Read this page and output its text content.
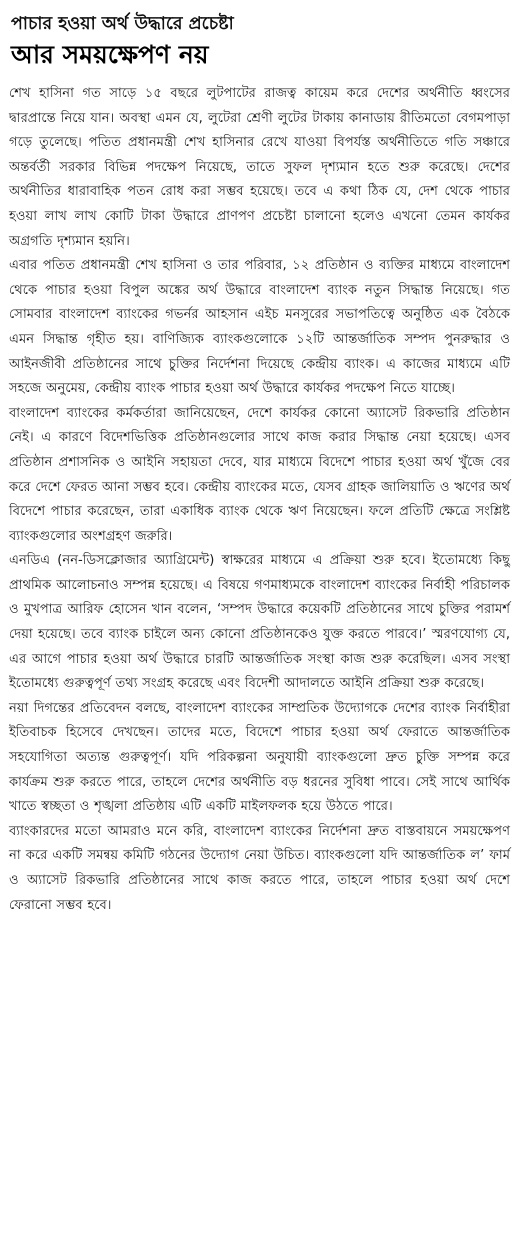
পাচার হওয়া অর্থ উদ্ধারে প্রচেষ্টা
আর সময়ক্ষেপণ নয়

শেখ হাসিনা গত সাড়ে ১৫ বছরে লুটপাটের রাজত্ব কায়েম করে দেশের অর্থনীতি ধ্বংসের দ্বারপ্রান্তে নিয়ে যান। অবস্থা এমন যে, লুটেরা শ্রেণী লুটের টাকায় কানাডায় রীতিমতো বেগমপাড়া গড়ে তুলেছে। পতিত প্রধানমন্ত্রী শেখ হাসিনার রেখে যাওয়া বিপর্যস্ত অর্থনীতিতে গতি সঞ্চারে অন্তর্বর্তী সরকার বিভিন্ন পদক্ষেপ নিয়েছে, তাতে সুফল দৃশ্যমান হতে শুরু করেছে। দেশের অর্থনীতির ধারাবাহিক পতন রোধ করা সম্ভব হয়েছে। তবে এ কথা ঠিক যে, দেশ থেকে পাচার হওয়া লাখ লাখ কোটি টাকা উদ্ধারে প্রাণপণ প্রচেষ্টা চালানো হলেও এখনো তেমন কার্যকর অগ্রগতি দৃশ্যমান হয়নি।

এবার পতিত প্রধানমন্ত্রী শেখ হাসিনা ও তার পরিবার, ১২ প্রতিষ্ঠান ও ব্যক্তির মাধ্যমে বাংলাদেশ থেকে পাচার হওয়া বিপুল অঙ্কের অর্থ উদ্ধারে বাংলাদেশ ব্যাংক নতুন সিদ্ধান্ত নিয়েছে। গত সোমবার বাংলাদেশ ব্যাংকের গভর্নর আহসান এইচ মনসুরের সভাপতিত্বে অনুষ্ঠিত এক বৈঠকে এমন সিদ্ধান্ত গৃহীত হয়। বাণিজ্যিক ব্যাংকগুলোকে ১২টি আন্তর্জাতিক সম্পদ পুনরুদ্ধার ও আইনজীবী প্রতিষ্ঠানের সাথে চুক্তির নির্দেশনা দিয়েছে কেন্দ্রীয় ব্যাংক। এ কাজের মাধ্যমে এটি সহজে অনুমেয়, কেন্দ্রীয় ব্যাংক পাচার হওয়া অর্থ উদ্ধারে কার্যকর পদক্ষেপ নিতে যাচ্ছে।

বাংলাদেশ ব্যাংকের কর্মকর্তারা জানিয়েছেন, দেশে কার্যকর কোনো অ্যাসেট রিকভারি প্রতিষ্ঠান নেই। এ কারণে বিদেশভিত্তিক প্রতিষ্ঠানগুলোর সাথে কাজ করার সিদ্ধান্ত নেয়া হয়েছে। এসব প্রতিষ্ঠান প্রশাসনিক ও আইনি সহায়তা দেবে, যার মাধ্যমে বিদেশে পাচার হওয়া অর্থ খুঁজে বের করে দেশে ফেরত আনা সম্ভব হবে। কেন্দ্রীয় ব্যাংকের মতে, যেসব গ্রাহক জালিয়াতি ও ঋণের অর্থ বিদেশে পাচার করেছেন, তারা একাধিক ব্যাংক থেকে ঋণ নিয়েছেন। ফলে প্রতিটি ক্ষেত্রে সংশ্লিষ্ট ব্যাংকগুলোর অংশগ্রহণ জরুরি।

এনডিএ (নন-ডিসক্লোজার অ্যাগ্রিমেন্ট) স্বাক্ষরের মাধ্যমে এ প্রক্রিয়া শুরু হবে। ইতোমধ্যে কিছু প্রাথমিক আলোচনাও সম্পন্ন হয়েছে। এ বিষয়ে গণমাধ্যমকে বাংলাদেশ ব্যাংকের নির্বাহী পরিচালক ও মুখপাত্র আরিফ হোসেন খান বলেন, ‘সম্পদ উদ্ধারে কয়েকটি প্রতিষ্ঠানের সাথে চুক্তির পরামর্শ দেয়া হয়েছে। তবে ব্যাংক চাইলে অন্য কোনো প্রতিষ্ঠানকেও যুক্ত করতে পারবে।’ স্মরণযোগ্য যে, এর আগে পাচার হওয়া অর্থ উদ্ধারে চারটি আন্তর্জাতিক সংস্থা কাজ শুরু করেছিল। এসব সংস্থা ইতোমধ্যে গুরুত্বপূর্ণ তথ্য সংগ্রহ করেছে এবং বিদেশী আদালতে আইনি প্রক্রিয়া শুরু করেছে।

নয়া দিগন্তের প্রতিবেদন বলছে, বাংলাদেশ ব্যাংকের সাম্প্রতিক উদ্যোগকে দেশের ব্যাংক নির্বাহীরা ইতিবাচক হিসেবে দেখছেন। তাদের মতে, বিদেশে পাচার হওয়া অর্থ ফেরাতে আন্তর্জাতিক সহযোগিতা অত্যন্ত গুরুত্বপূর্ণ। যদি পরিকল্পনা অনুযায়ী ব্যাংকগুলো দ্রুত চুক্তি সম্পন্ন করে কার্যক্রম শুরু করতে পারে, তাহলে দেশের অর্থনীতি বড় ধরনের সুবিধা পাবে। সেই সাথে আর্থিক খাতে স্বচ্ছতা ও শৃঙ্খলা প্রতিষ্ঠায় এটি একটি মাইলফলক হয়ে উঠতে পারে।

ব্যাংকারদের মতো আমরাও মনে করি, বাংলাদেশ ব্যাংকের নির্দেশনা দ্রুত বাস্তবায়নে সময়ক্ষেপণ না করে একটি সমন্বয় কমিটি গঠনের উদ্যোগ নেয়া উচিত। ব্যাংকগুলো যদি আন্তর্জাতিক ল’ ফার্ম ও অ্যাসেট রিকভারি প্রতিষ্ঠানের সাথে কাজ করতে পারে, তাহলে পাচার হওয়া অর্থ দেশে ফেরানো সম্ভব হবে।
